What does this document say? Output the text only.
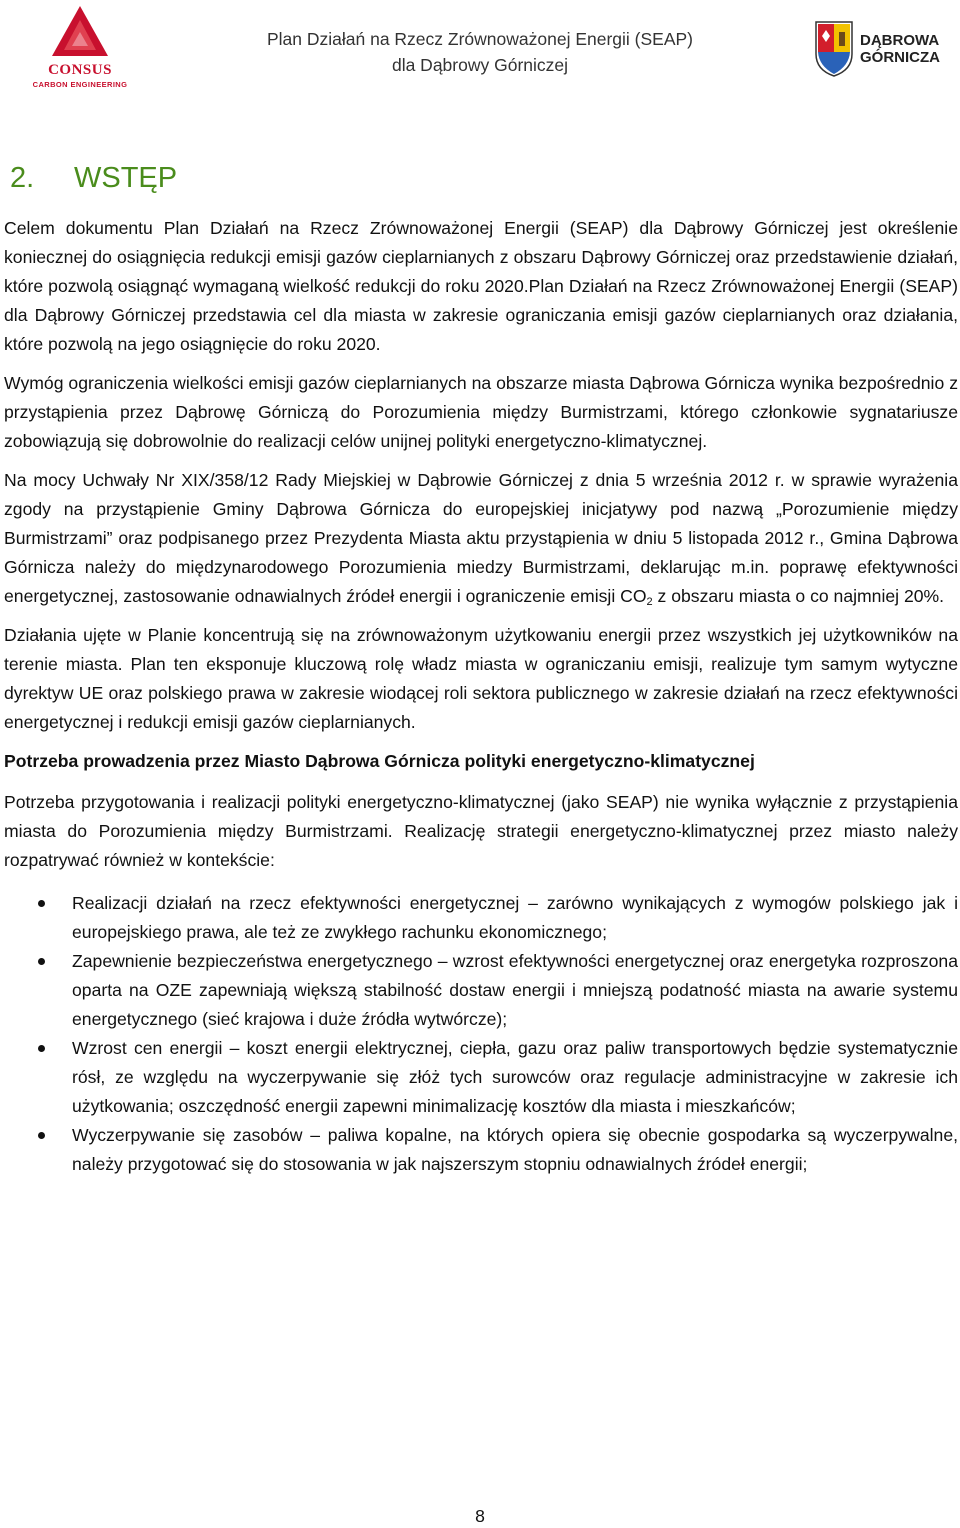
CONSUS
CARBON ENGINEERING
Plan Działań na Rzecz Zrównoważonej Energii (SEAP)
dla Dąbrowy Górniczej
DĄBROWA
GÓRNICZA
2. WSTĘP

Celem dokumentu Plan Działań na Rzecz Zrównoważonej Energii (SEAP) dla Dąbrowy Górniczej jest określenie koniecznej do osiągnięcia redukcji emisji gazów cieplarnianych z obszaru Dąbrowy Górniczej oraz przedstawienie działań, które pozwolą osiągnąć wymaganą wielkość redukcji do roku 2020.Plan Działań na Rzecz Zrównoważonej Energii (SEAP) dla Dąbrowy Górniczej przedstawia cel dla miasta w zakresie ograniczania emisji gazów cieplarnianych oraz działania, które pozwolą na jego osiągnięcie do roku 2020.

Wymóg ograniczenia wielkości emisji gazów cieplarnianych na obszarze miasta Dąbrowa Górnicza wynika bezpośrednio z przystąpienia przez Dąbrowę Górniczą do Porozumienia między Burmistrzami, którego członkowie sygnatariusze zobowiązują się dobrowolnie do realizacji celów unijnej polityki energetyczno-klimatycznej.

Na mocy Uchwały Nr XIX/358/12 Rady Miejskiej w Dąbrowie Górniczej z dnia 5 września 2012 r. w sprawie wyrażenia zgody na przystąpienie Gminy Dąbrowa Górnicza do europejskiej inicjatywy pod nazwą „Porozumienie między Burmistrzami” oraz podpisanego przez Prezydenta Miasta aktu przystąpienia w dniu 5 listopada 2012 r., Gmina Dąbrowa Górnicza należy do międzynarodowego Porozumienia miedzy Burmistrzami, deklarując m.in. poprawę efektywności energetycznej, zastosowanie odnawialnych źródeł energii i ograniczenie emisji $CO_2$ z obszaru miasta o co najmniej 20%.

Działania ujęte w Planie koncentrują się na zrównoważonym użytkowaniu energii przez wszystkich jej użytkowników na terenie miasta. Plan ten eksponuje kluczową rolę władz miasta w ograniczaniu emisji, realizuje tym samym wytyczne dyrektyw UE oraz polskiego prawa w zakresie wiodącej roli sektora publicznego w zakresie działań na rzecz efektywności energetycznej i redukcji emisji gazów cieplarnianych.

Potrzeba prowadzenia przez Miasto Dąbrowa Górnicza polityki energetyczno-klimatycznej

Potrzeba przygotowania i realizacji polityki energetyczno-klimatycznej (jako SEAP) nie wynika wyłącznie z przystąpienia miasta do Porozumienia między Burmistrzami. Realizację strategii energetyczno-klimatycznej przez miasto należy rozpatrywać również w kontekście:

Realizacji działań na rzecz efektywności energetycznej – zarówno wynikających z wymogów polskiego jak i europejskiego prawa, ale też ze zwykłego rachunku ekonomicznego;
Zapewnienie bezpieczeństwa energetycznego – wzrost efektywności energetycznej oraz energetyka rozproszona oparta na OZE zapewniają większą stabilność dostaw energii i mniejszą podatność miasta na awarie systemu energetycznego (sieć krajowa i duże źródła wytwórcze);
Wzrost cen energii – koszt energii elektrycznej, ciepła, gazu oraz paliw transportowych będzie systematycznie rósł, ze względu na wyczerpywanie się złóż tych surowców oraz regulacje administracyjne w zakresie ich użytkowania; oszczędność energii zapewni minimalizację kosztów dla miasta i mieszkańców;
Wyczerpywanie się zasobów – paliwa kopalne, na których opiera się obecnie gospodarka są wyczerpywalne, należy przygotować się do stosowania w jak najszerszym stopniu odnawialnych źródeł energii;
8
